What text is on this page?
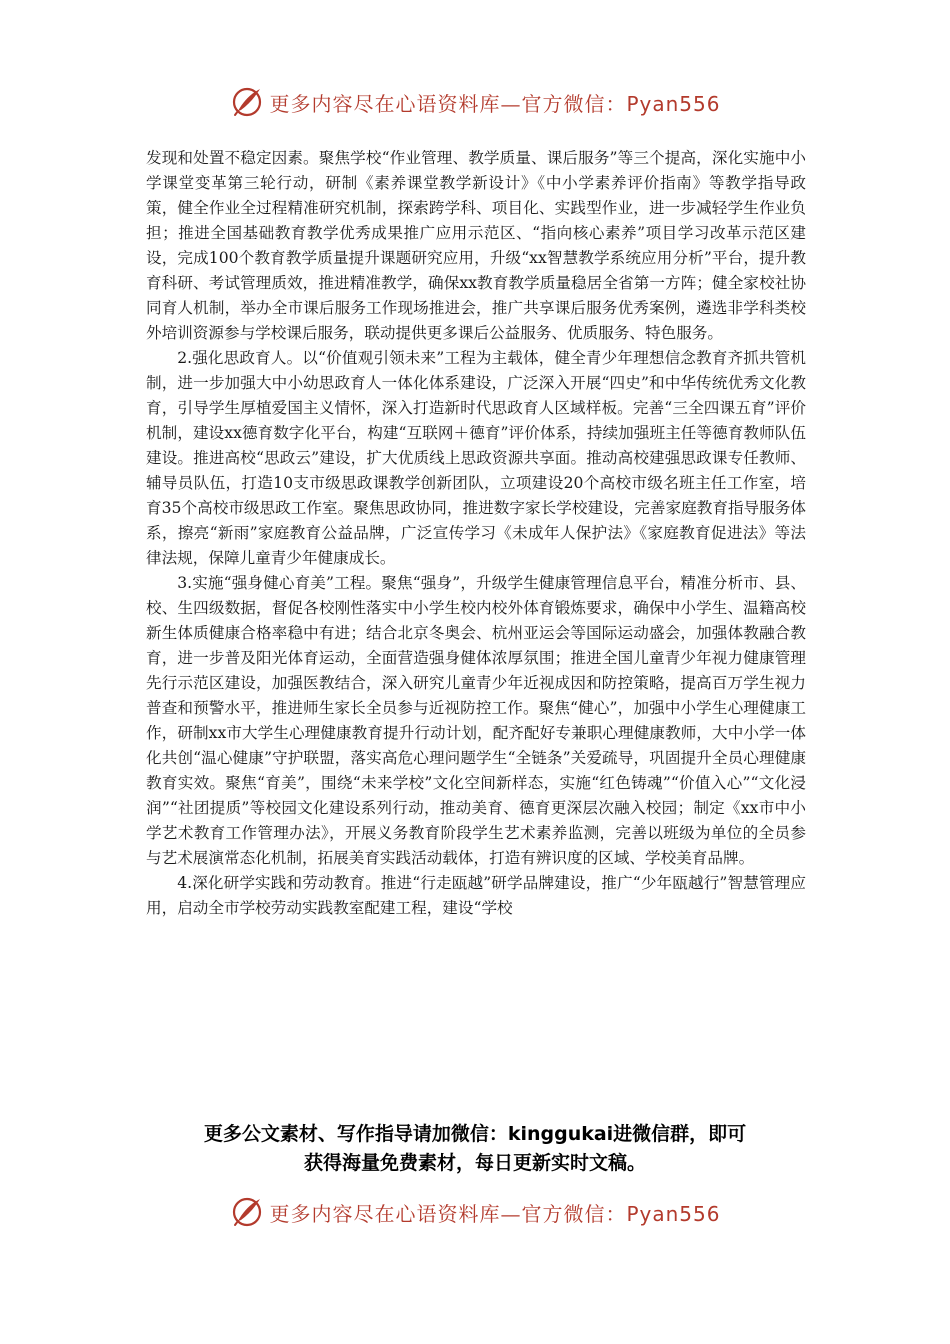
更多内容尽在心语资料库—官方微信：Pyan556

发现和处置不稳定因素。聚焦学校“作业管理、教学质量、课后服务”等三个提高，深化实施中小学课堂变革第三轮行动，研制《素养课堂教学新设计》《中小学素养评价指南》等教学指导政策，健全作业全过程精准研究机制，探索跨学科、项目化、实践型作业，进一步减轻学生作业负担；推进全国基础教育教学优秀成果推广应用示范区、“指向核心素养”项目学习改革示范区建设，完成100个教育教学质量提升课题研究应用，升级“xx智慧教学系统应用分析”平台，提升教育科研、考试管理质效，推进精准教学，确保xx教育教学质量稳居全省第一方阵；健全家校社协同育人机制，举办全市课后服务工作现场推进会，推广共享课后服务优秀案例，遴选非学科类校外培训资源参与学校课后服务，联动提供更多课后公益服务、优质服务、特色服务。

2.强化思政育人。以“价值观引领未来”工程为主载体，健全青少年理想信念教育齐抓共管机制，进一步加强大中小幼思政育人一体化体系建设，广泛深入开展“四史”和中华传统优秀文化教育，引导学生厚植爱国主义情怀，深入打造新时代思政育人区域样板。完善“三全四课五育”评价机制，建设xx德育数字化平台，构建“互联网＋德育”评价体系，持续加强班主任等德育教师队伍建设。推进高校“思政云”建设，扩大优质线上思政资源共享面。推动高校建强思政课专任教师、辅导员队伍，打造10支市级思政课教学创新团队，立项建设20个高校市级名班主任工作室，培育35个高校市级思政工作室。聚焦思政协同，推进数字家长学校建设，完善家庭教育指导服务体系，擦亮“新雨”家庭教育公益品牌，广泛宣传学习《未成年人保护法》《家庭教育促进法》等法律法规，保障儿童青少年健康成长。

3.实施“强身健心育美”工程。聚焦“强身”，升级学生健康管理信息平台，精准分析市、县、校、生四级数据，督促各校刚性落实中小学生校内校外体育锻炼要求，确保中小学生、温籍高校新生体质健康合格率稳中有进；结合北京冬奥会、杭州亚运会等国际运动盛会，加强体教融合教育，进一步普及阳光体育运动，全面营造强身健体浓厚氛围；推进全国儿童青少年视力健康管理先行示范区建设，加强医教结合，深入研究儿童青少年近视成因和防控策略，提高百万学生视力普查和预警水平，推进师生家长全员参与近视防控工作。聚焦“健心”，加强中小学生心理健康工作，研制xx市大学生心理健康教育提升行动计划，配齐配好专兼职心理健康教师，大中小学一体化共创“温心健康”守护联盟，落实高危心理问题学生“全链条”关爱疏导，巩固提升全员心理健康教育实效。聚焦“育美”，围绕“未来学校”文化空间新样态，实施“红色铸魂”“价值入心”“文化浸润”“社团提质”等校园文化建设系列行动，推动美育、德育更深层次融入校园；制定《xx市中小学艺术教育工作管理办法》，开展义务教育阶段学生艺术素养监测，完善以班级为单位的全员参与艺术展演常态化机制，拓展美育实践活动载体，打造有辨识度的区域、学校美育品牌。

4.深化研学实践和劳动教育。推进“行走瓯越”研学品牌建设，推广“少年瓯越行”智慧管理应用，启动全市学校劳动实践教室配建工程，建设“学校

更多公文素材、写作指导请加微信：kinggukai进微信群，即可
获得海量免费素材，每日更新实时文稿。
更多内容尽在心语资料库—官方微信：Pyan556
